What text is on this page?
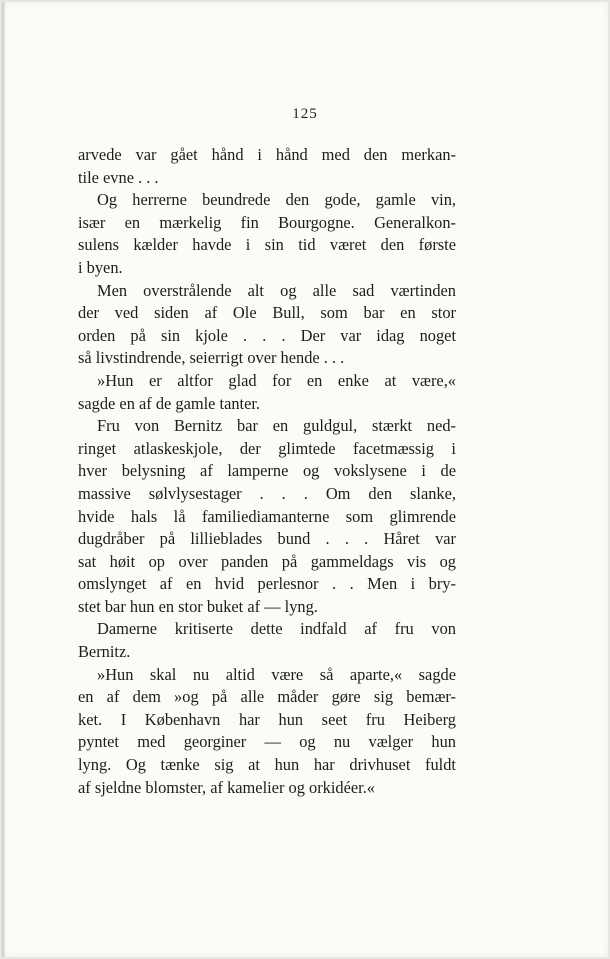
125
arvede var gået hånd i hånd med den merkan-
tile evne . . .
Og herrerne beundrede den gode, gamle vin,
især en mærkelig fin Bourgogne. Generalkon-
sulens kælder havde i sin tid været den første
i byen.
Men overstrålende alt og alle sad værtinden
der ved siden af Ole Bull, som bar en stor
orden på sin kjole . . . Der var idag noget
så livstindrende, seierrigt over hende . . .
»Hun er altfor glad for en enke at være,«
sagde en af de gamle tanter.
Fru von Bernitz bar en guldgul, stærkt ned-
ringet atlaskeskjole, der glimtede facetmæssig i
hver belysning af lamperne og vokslysene i de
massive sølvlysestager . . . Om den slanke,
hvide hals lå familiediamanterne som glimrende
dugdråber på lillieblades bund . . . Håret var
sat høit op over panden på gammeldags vis og
omslynget af en hvid perlesnor . . Men i bry-
stet bar hun en stor buket af — lyng.
Damerne kritiserte dette indfald af fru von
Bernitz.
»Hun skal nu altid være så aparte,« sagde
en af dem »og på alle måder gøre sig bemær-
ket. I København har hun seet fru Heiberg
pyntet med georginer — og nu vælger hun
lyng. Og tænke sig at hun har drivhuset fuldt
af sjeldne blomster, af kamelier og orkidéer.«
